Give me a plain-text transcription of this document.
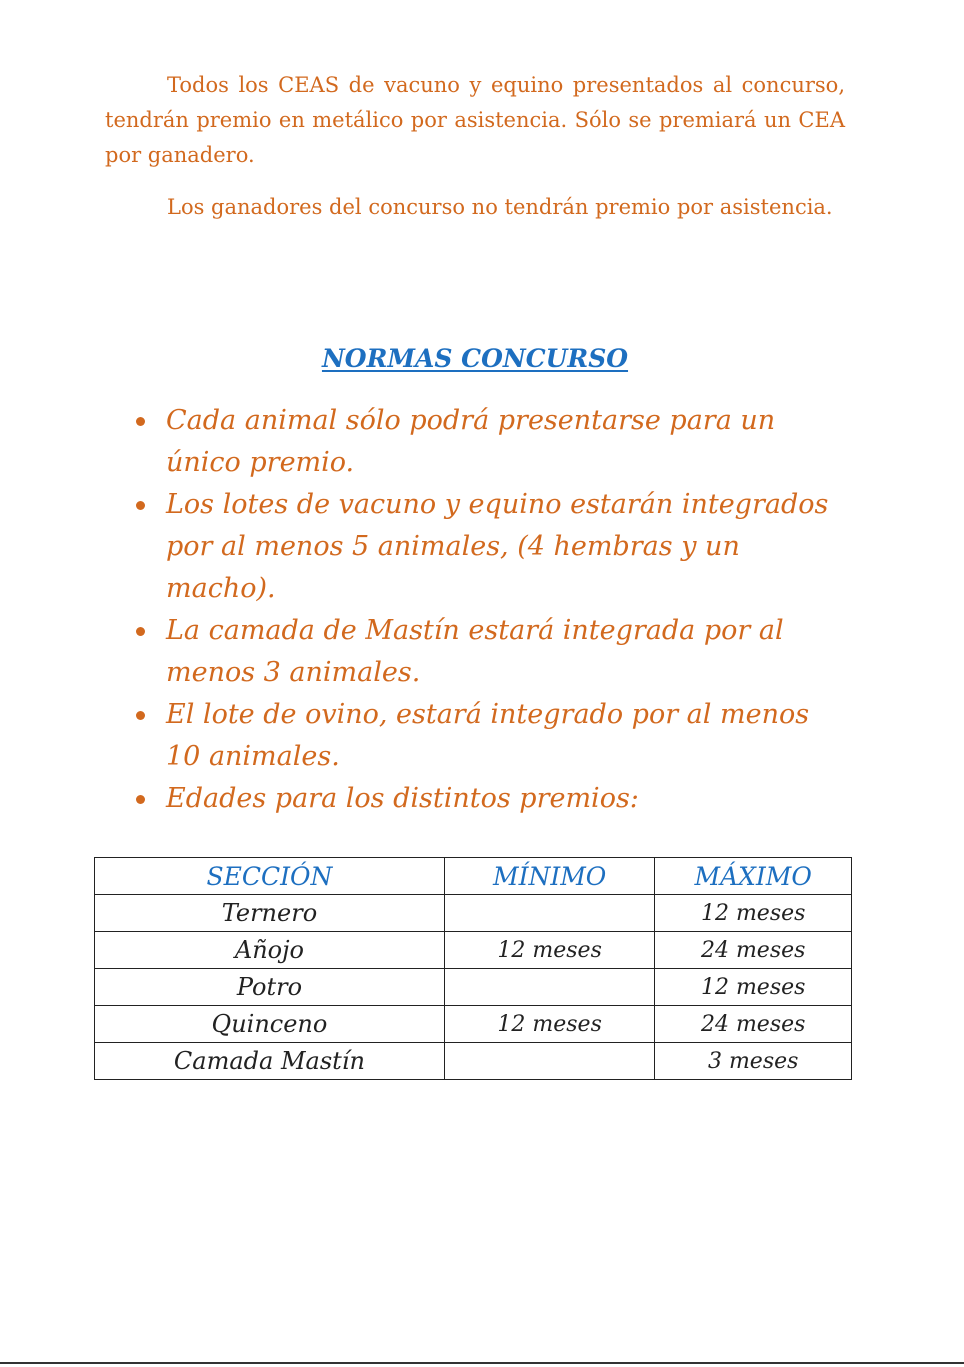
Todos los CEAS de vacuno y equino presentados al concurso, tendrán premio en metálico por asistencia. Sólo se premiará un CEA por ganadero.

Los ganadores del concurso no tendrán premio por asistencia.

NORMAS CONCURSO
Cada animal sólo podrá presentarse para un único premio.
Los lotes de vacuno y equino estarán integrados por al menos 5 animales, (4 hembras y un macho).
La camada de Mastín estará integrada por al menos 3 animales.
El lote de ovino, estará integrado por al menos 10 animales.
Edades para los distintos premios:
SECCIÓN	MÍNIMO	MÁXIMO
Ternero		12 meses
Añojo	12 meses	24 meses
Potro		12 meses
Quinceno	12 meses	24 meses
Camada Mastín		3 meses
